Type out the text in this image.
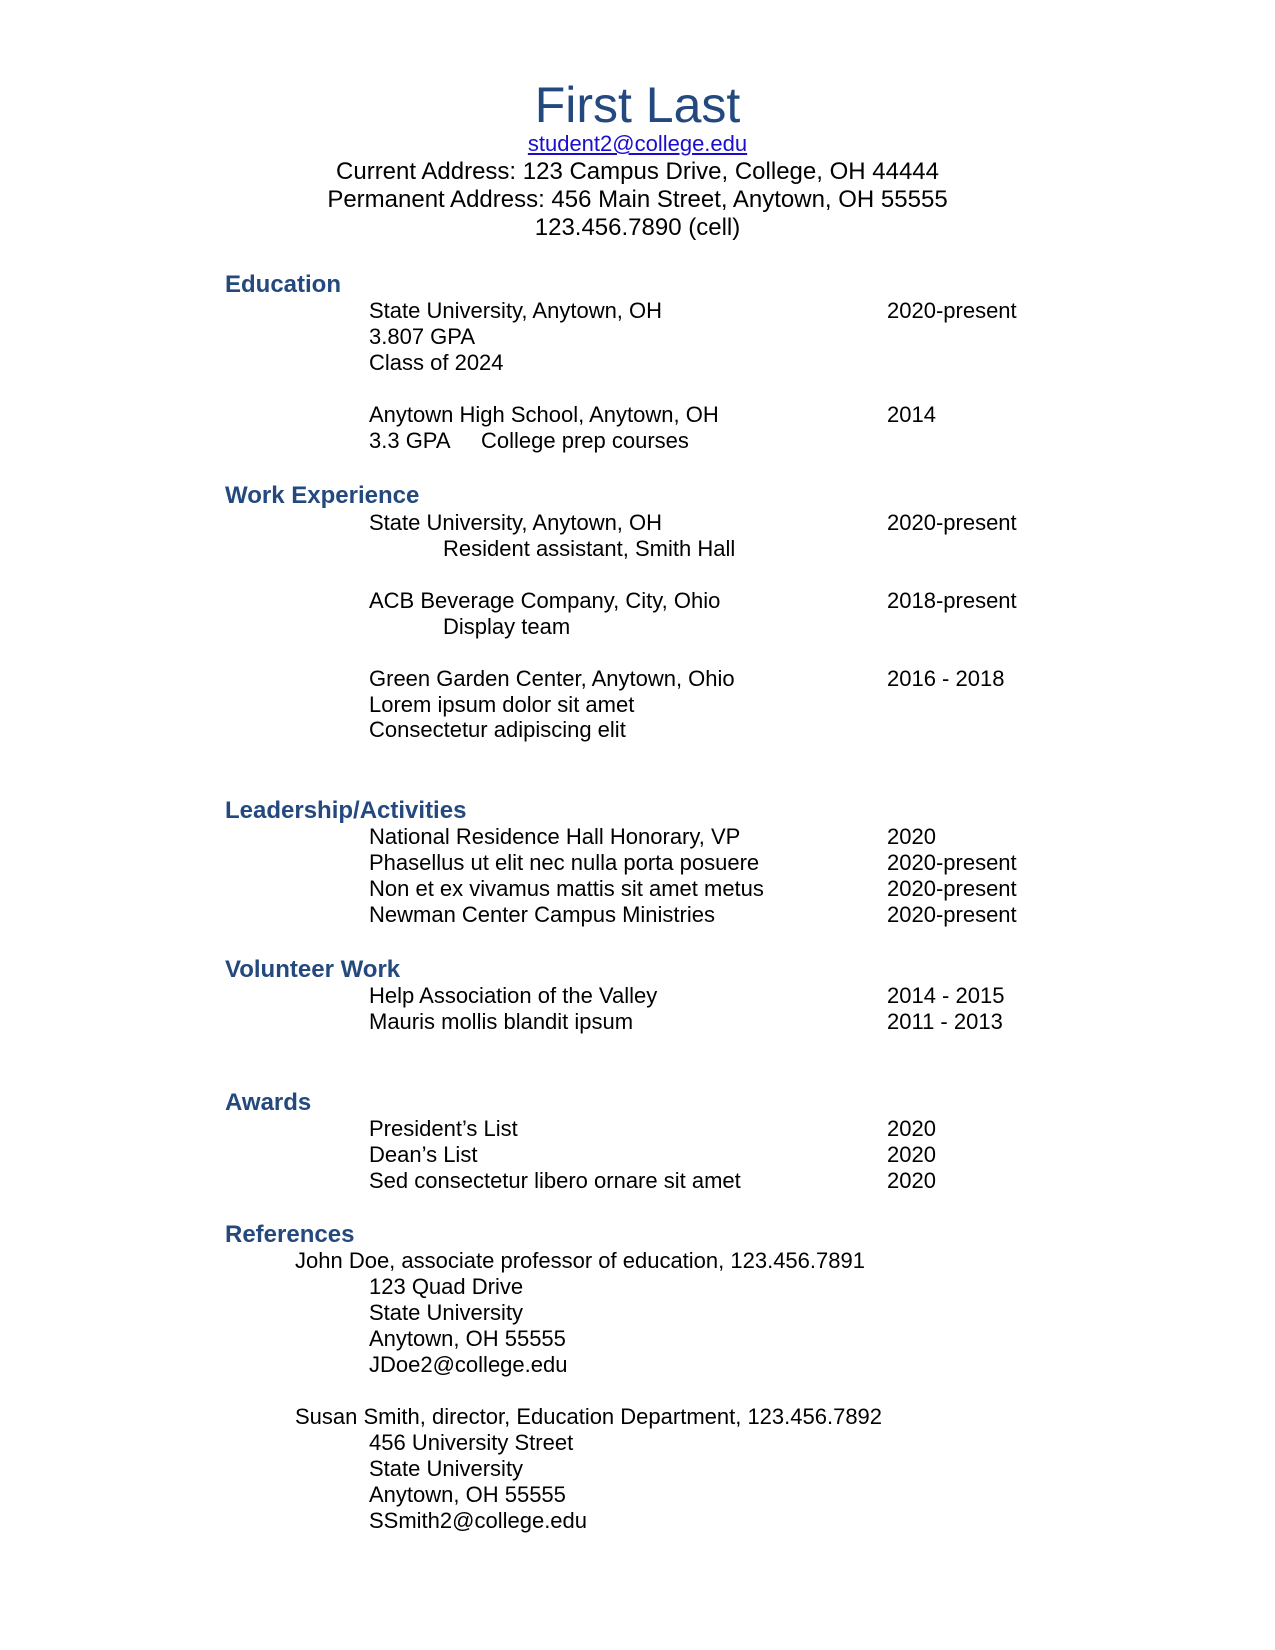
First Last
student2@college.edu
Current Address: 123 Campus Drive, College, OH 44444
Permanent Address: 456 Main Street, Anytown, OH 55555
123.456.7890 (cell)
Education
State University, Anytown, OH	2020-present
3.807 GPA
Class of 2024
Anytown High School, Anytown, OH	2014
3.3 GPA College prep courses
Work Experience
State University, Anytown, OH	2020-present
Resident assistant, Smith Hall
ACB Beverage Company, City, Ohio	2018-present
Display team
Green Garden Center, Anytown, Ohio	2016 - 2018
Lorem ipsum dolor sit amet
Consectetur adipiscing elit
Leadership/Activities
National Residence Hall Honorary, VP	2020
Phasellus ut elit nec nulla porta posuere	2020-present
Non et ex vivamus mattis sit amet metus	2020-present
Newman Center Campus Ministries	2020-present
Volunteer Work
Help Association of the Valley	2014 - 2015
Mauris mollis blandit ipsum	2011 - 2013
Awards
President’s List	2020
Dean’s List	2020
Sed consectetur libero ornare sit amet	2020
References
John Doe, associate professor of education, 123.456.7891
123 Quad Drive
State University
Anytown, OH 55555
JDoe2@college.edu
Susan Smith, director, Education Department, 123.456.7892
456 University Street
State University
Anytown, OH 55555
SSmith2@college.edu
